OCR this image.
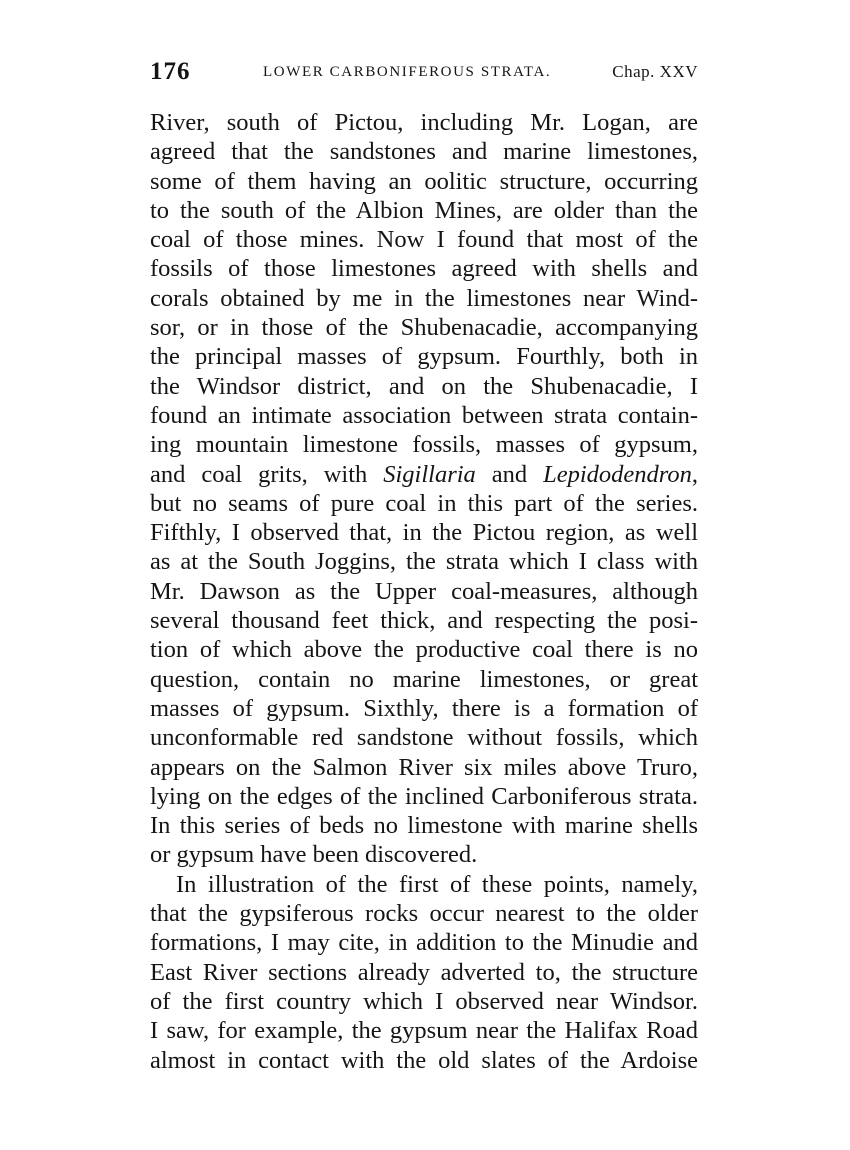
176	LOWER CARBONIFEROUS STRATA.	Chap. XXV
River, south of Pictou, including Mr. Logan, are
agreed that the sandstones and marine limestones,
some of them having an oolitic structure, occurring
to the south of the Albion Mines, are older than the
coal of those mines. Now I found that most of the
fossils of those limestones agreed with shells and
corals obtained by me in the limestones near Wind-
sor, or in those of the Shubenacadie, accompanying
the principal masses of gypsum. Fourthly, both in
the Windsor district, and on the Shubenacadie, I
found an intimate association between strata contain-
ing mountain limestone fossils, masses of gypsum,
and coal grits, with Sigillaria and Lepidodendron,
but no seams of pure coal in this part of the series.
Fifthly, I observed that, in the Pictou region, as well
as at the South Joggins, the strata which I class with
Mr. Dawson as the Upper coal-measures, although
several thousand feet thick, and respecting the posi-
tion of which above the productive coal there is no
question, contain no marine limestones, or great
masses of gypsum. Sixthly, there is a formation of
unconformable red sandstone without fossils, which
appears on the Salmon River six miles above Truro,
lying on the edges of the inclined Carboniferous strata.
In this series of beds no limestone with marine shells
or gypsum have been discovered.
In illustration of the first of these points, namely,
that the gypsiferous rocks occur nearest to the older
formations, I may cite, in addition to the Minudie and
East River sections already adverted to, the structure
of the first country which I observed near Windsor.
I saw, for example, the gypsum near the Halifax Road
almost in contact with the old slates of the Ardoise
